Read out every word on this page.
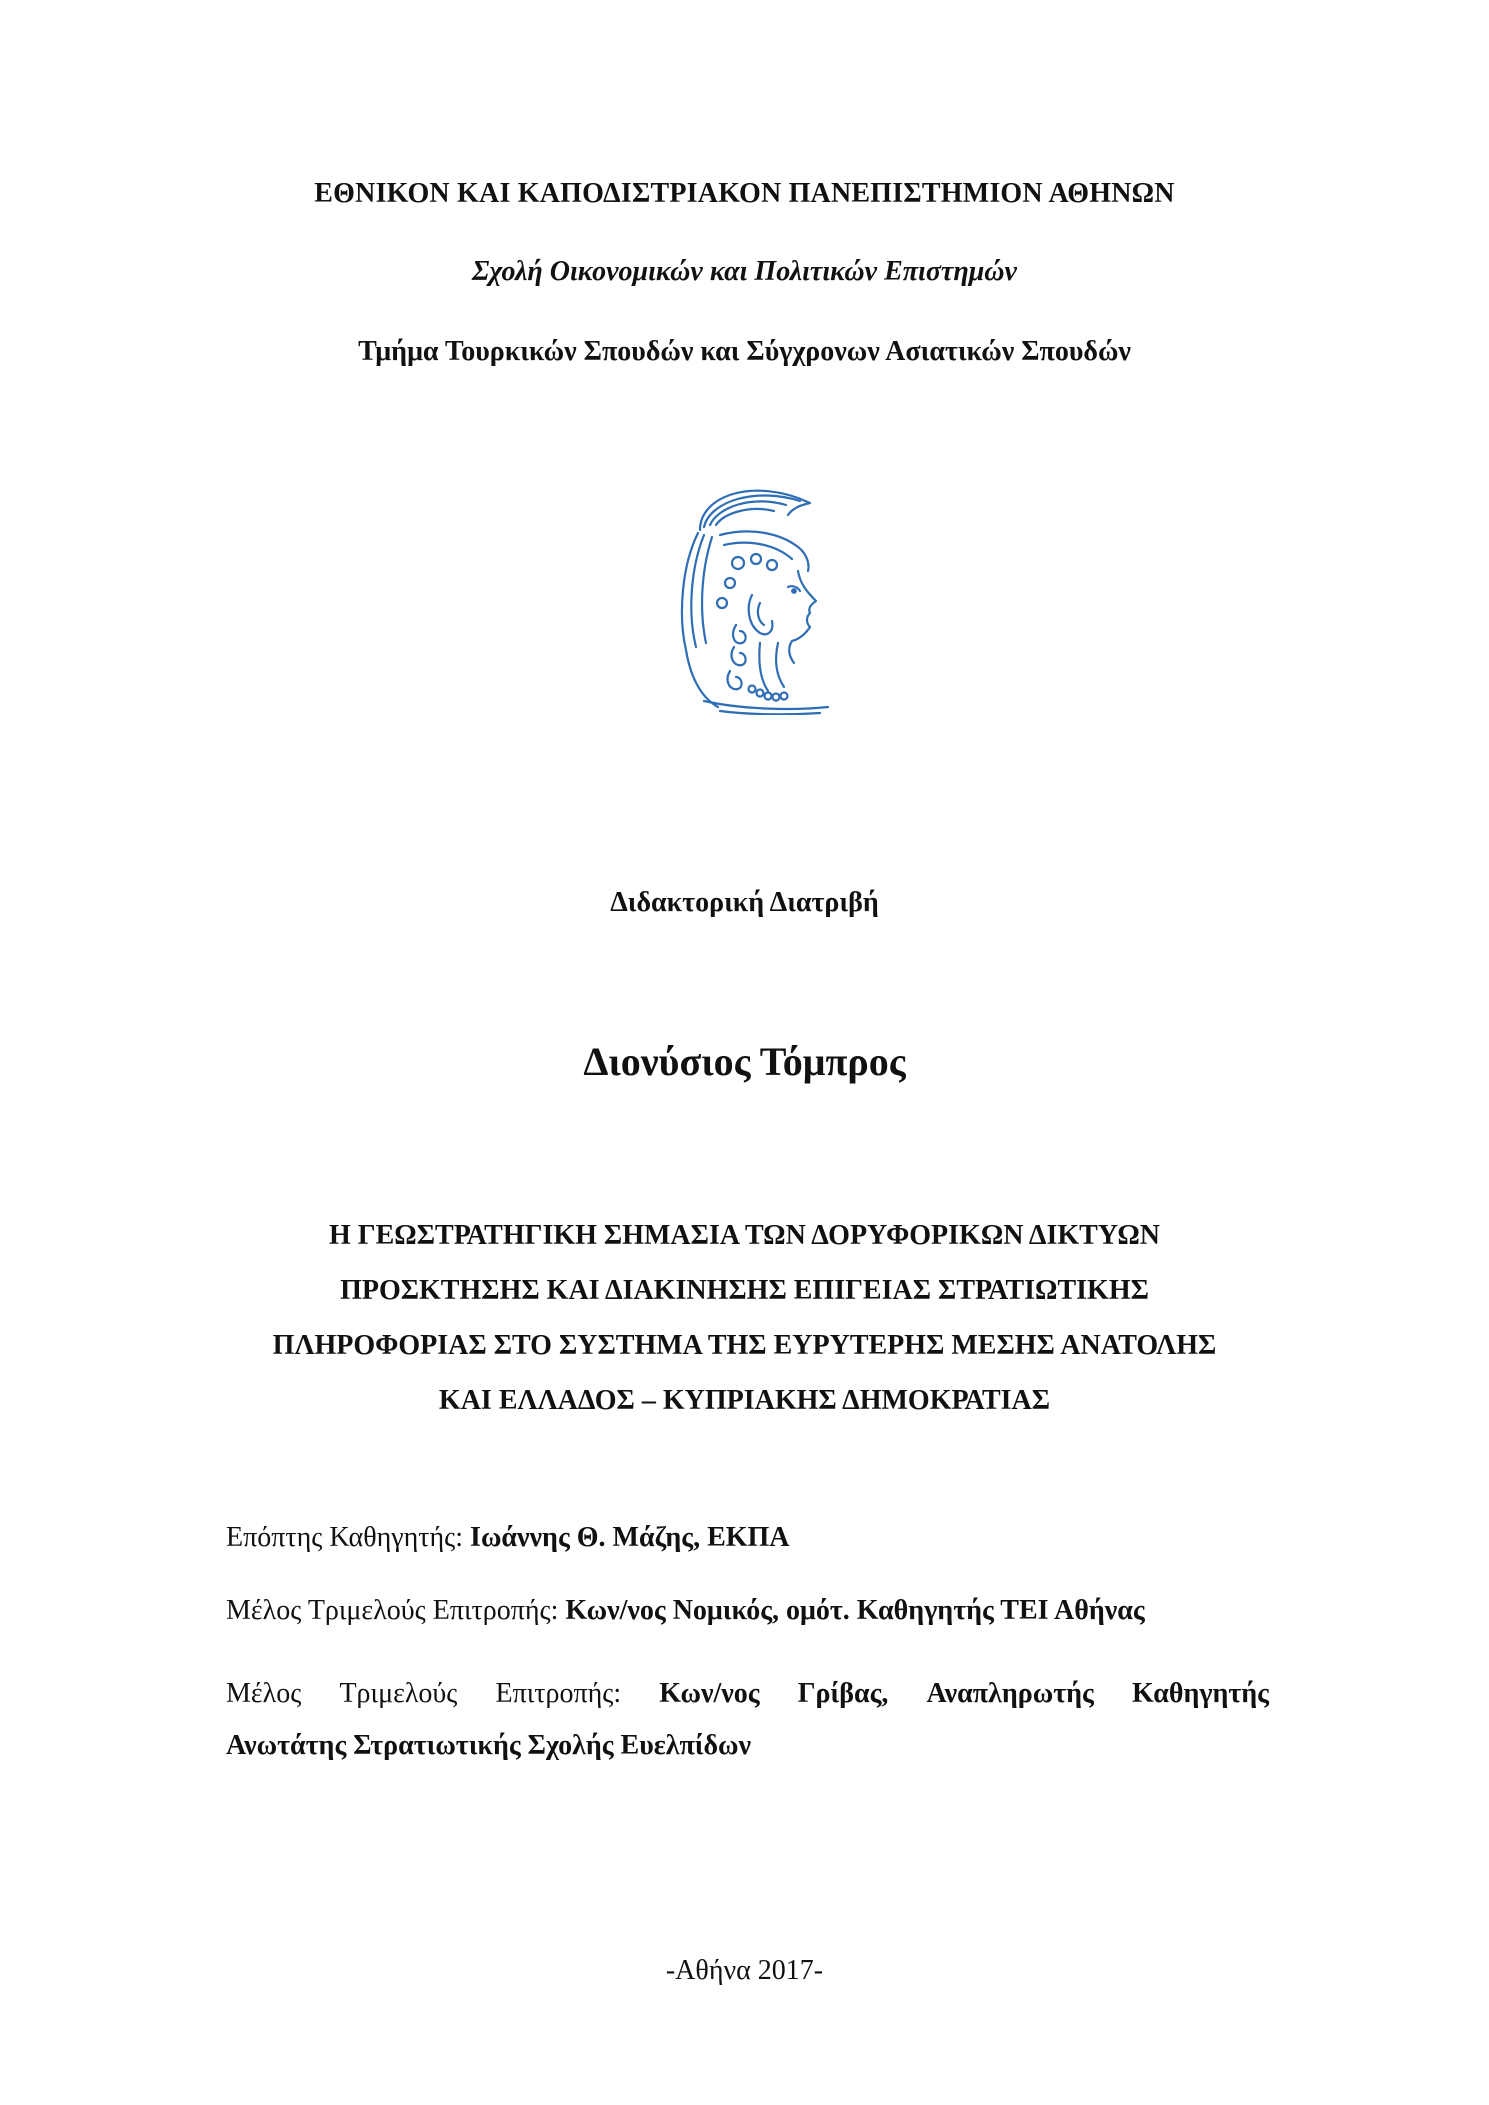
ΕΘΝΙΚΟΝ ΚΑΙ ΚΑΠΟΔΙΣΤΡΙΑΚΟΝ ΠΑΝΕΠΙΣΤΗΜΙΟΝ ΑΘΗΝΩΝ

Σχολή Οικονομικών και Πολιτικών Επιστημών

Τμήμα Τουρκικών Σπουδών και Σύγχρονων Ασιατικών Σπουδών

Διδακτορική Διατριβή

Διονύσιος Τόμπρος

Η ΓΕΩΣΤΡΑΤΗΓΙΚΗ ΣΗΜΑΣΙΑ ΤΩΝ ΔΟΡΥΦΟΡΙΚΩΝ ΔΙΚΤΥΩΝ

ΠΡΟΣΚΤΗΣΗΣ ΚΑΙ ΔΙΑΚΙΝΗΣΗΣ ΕΠΙΓΕΙΑΣ ΣΤΡΑΤΙΩΤΙΚΗΣ

ΠΛΗΡΟΦΟΡΙΑΣ ΣΤΟ ΣΥΣΤΗΜΑ ΤΗΣ ΕΥΡΥΤΕΡΗΣ ΜΕΣΗΣ ΑΝΑΤΟΛΗΣ

ΚΑΙ ΕΛΛΑΔΟΣ – ΚΥΠΡΙΑΚΗΣ ΔΗΜΟΚΡΑΤΙΑΣ

Επόπτης Καθηγητής: Ιωάννης Θ. Μάζης, ΕΚΠΑ

Μέλος Τριμελούς Επιτροπής: Κων/νος Νομικός, ομότ. Καθηγητής ΤΕΙ Αθήνας

Μέλος Τριμελούς Επιτροπής: Κων/νος Γρίβας, Αναπληρωτής Καθηγητής
Ανωτάτης Στρατιωτικής Σχολής Ευελπίδων

-Αθήνα 2017-
